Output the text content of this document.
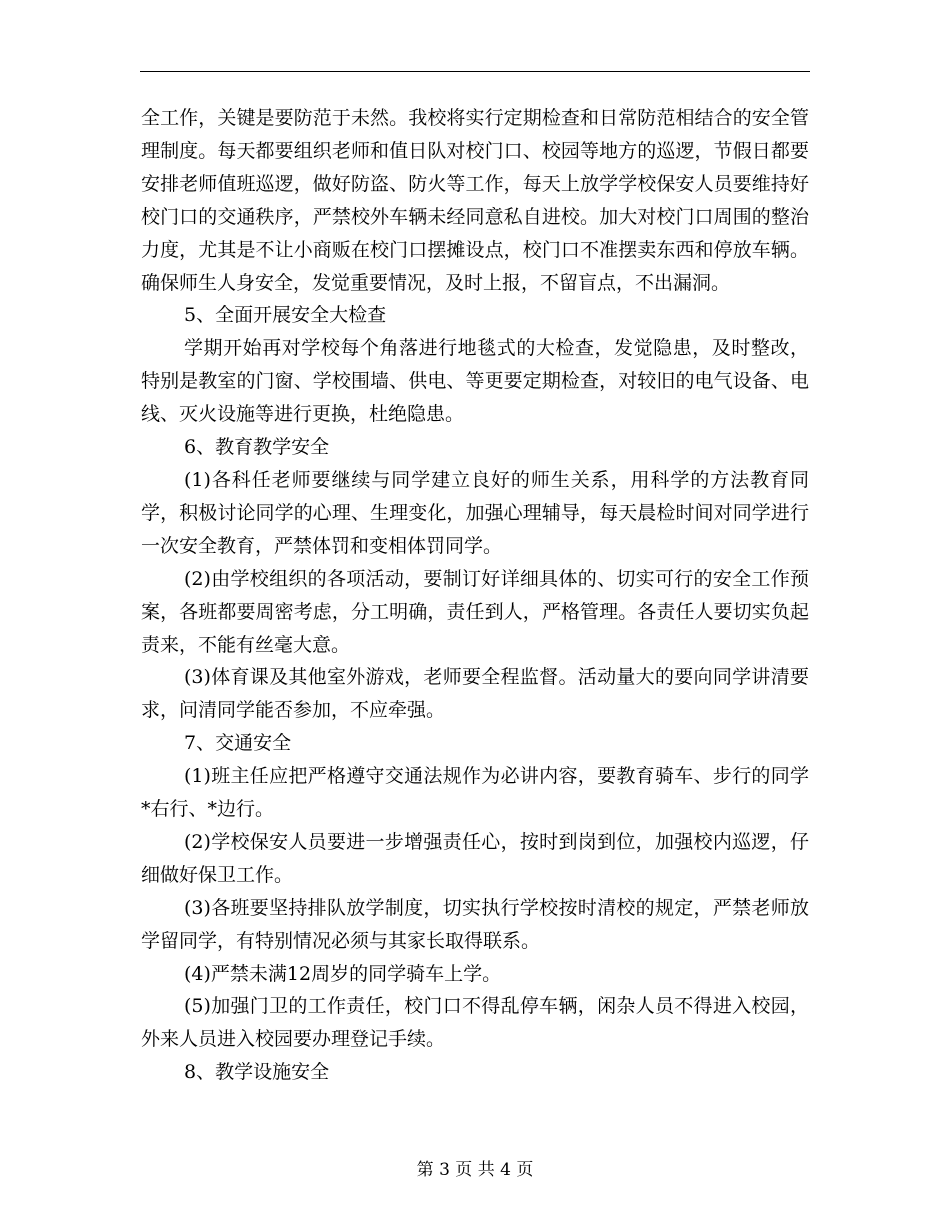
全工作，关键是要防范于未然。我校将实行定期检查和日常防范相结合的安全管理制度。每天都要组织老师和值日队对校门口、校园等地方的巡逻，节假日都要安排老师值班巡逻，做好防盗、防火等工作，每天上放学学校保安人员要维持好校门口的交通秩序，严禁校外车辆未经同意私自进校。加大对校门口周围的整治力度，尤其是不让小商贩在校门口摆摊设点，校门口不准摆卖东西和停放车辆。确保师生人身安全，发觉重要情况，及时上报，不留盲点，不出漏洞。

5、全面开展安全大检查

学期开始再对学校每个角落进行地毯式的大检查，发觉隐患，及时整改，特别是教室的门窗、学校围墙、供电、等更要定期检查，对较旧的电气设备、电线、灭火设施等进行更换，杜绝隐患。

6、教育教学安全

(1)各科任老师要继续与同学建立良好的师生关系，用科学的方法教育同学，积极讨论同学的心理、生理变化，加强心理辅导，每天晨检时间对同学进行一次安全教育，严禁体罚和变相体罚同学。

(2)由学校组织的各项活动，要制订好详细具体的、切实可行的安全工作预案，各班都要周密考虑，分工明确，责任到人，严格管理。各责任人要切实负起责来，不能有丝毫大意。

(3)体育课及其他室外游戏，老师要全程监督。活动量大的要向同学讲清要求，问清同学能否参加，不应牵强。

7、交通安全

(1)班主任应把严格遵守交通法规作为必讲内容，要教育骑车、步行的同学*右行、*边行。

(2)学校保安人员要进一步增强责任心，按时到岗到位，加强校内巡逻，仔细做好保卫工作。

(3)各班要坚持排队放学制度，切实执行学校按时清校的规定，严禁老师放学留同学，有特别情况必须与其家长取得联系。

(4)严禁未满12周岁的同学骑车上学。

(5)加强门卫的工作责任，校门口不得乱停车辆，闲杂人员不得进入校园，外来人员进入校园要办理登记手续。

8、教学设施安全

第 3 页 共 4 页
